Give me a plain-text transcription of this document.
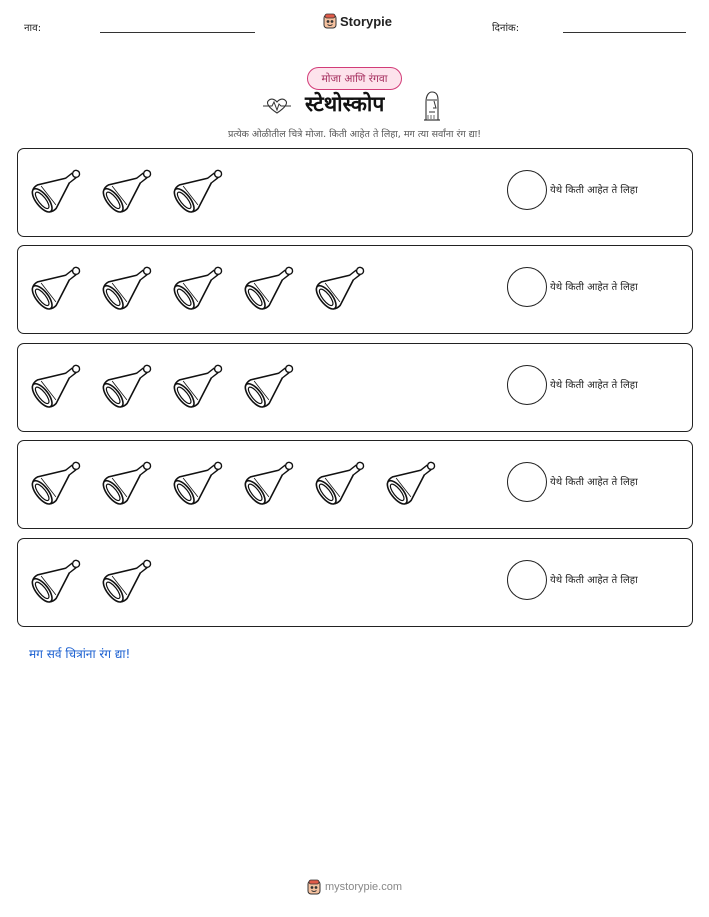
नाव:	Storypie	दिनांक:
मोजा आणि रंगवा
स्टेथोस्कोप
प्रत्येक ओळीतील चित्रे मोजा. किती आहेत ते लिहा, मग त्या सर्वांना रंग द्या!
येथे किती आहेत ते लिहा
येथे किती आहेत ते लिहा
येथे किती आहेत ते लिहा
येथे किती आहेत ते लिहा
येथे किती आहेत ते लिहा
मग सर्व चित्रांना रंग द्या!
mystorypie.com
